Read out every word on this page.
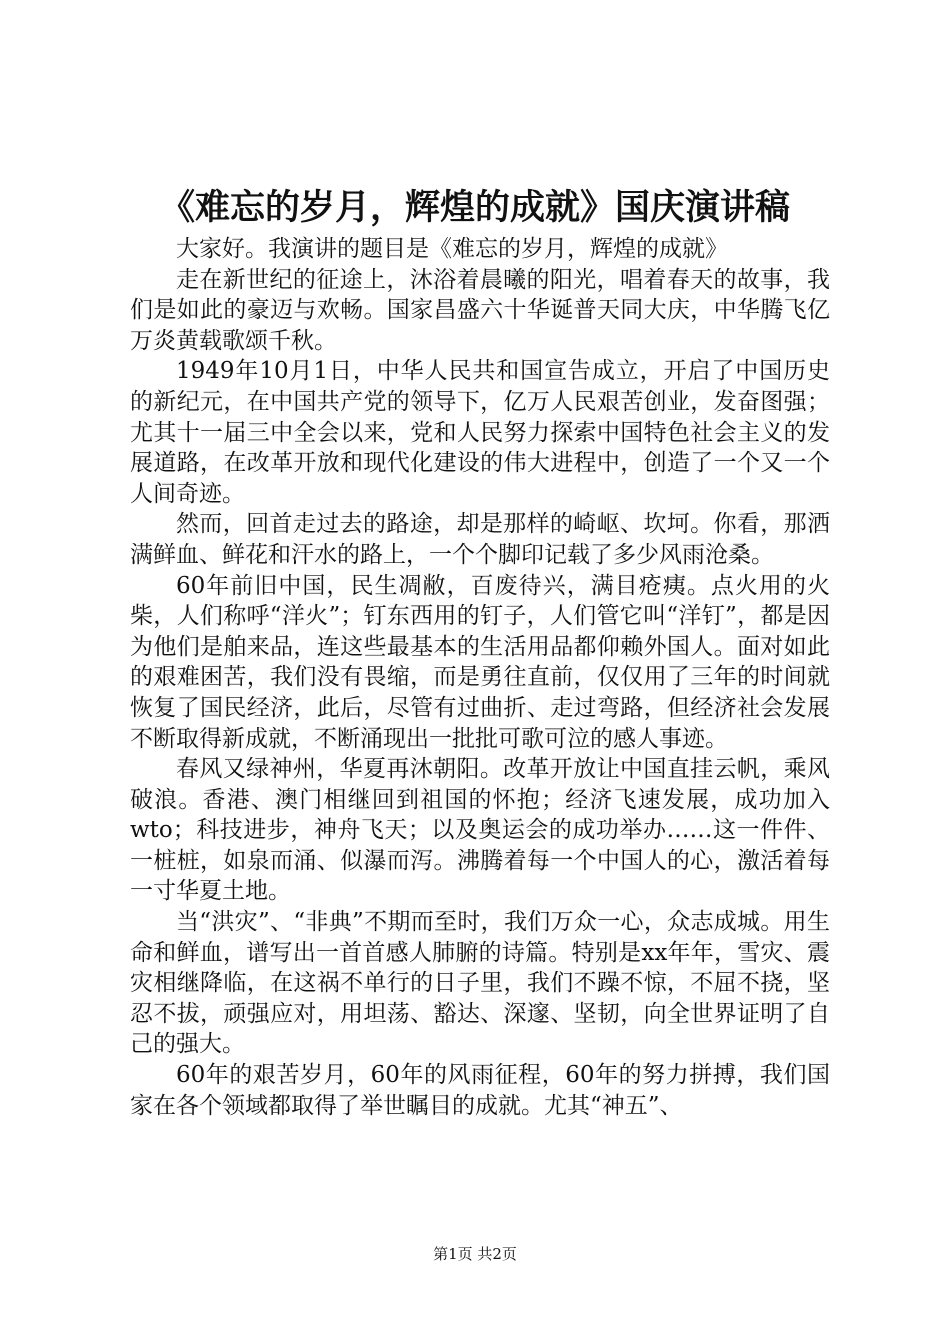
《难忘的岁月，辉煌的成就》国庆演讲稿

大家好。我演讲的题目是《难忘的岁月，辉煌的成就》

走在新世纪的征途上，沐浴着晨曦的阳光，唱着春天的故事，我们是如此的豪迈与欢畅。国家昌盛六十华诞普天同大庆，中华腾飞亿万炎黄载歌颂千秋。

1949年10月1日，中华人民共和国宣告成立，开启了中国历史的新纪元，在中国共产党的领导下，亿万人民艰苦创业，发奋图强；尤其十一届三中全会以来，党和人民努力探索中国特色社会主义的发展道路，在改革开放和现代化建设的伟大进程中，创造了一个又一个人间奇迹。

然而，回首走过去的路途，却是那样的崎岖、坎坷。你看，那洒满鲜血、鲜花和汗水的路上，一个个脚印记载了多少风雨沧桑。

60年前旧中国，民生凋敝，百废待兴，满目疮痍。点火用的火柴，人们称呼“洋火”；钉东西用的钉子，人们管它叫“洋钉”，都是因为他们是舶来品，连这些最基本的生活用品都仰赖外国人。面对如此的艰难困苦，我们没有畏缩，而是勇往直前，仅仅用了三年的时间就恢复了国民经济，此后，尽管有过曲折、走过弯路，但经济社会发展不断取得新成就，不断涌现出一批批可歌可泣的感人事迹。

春风又绿神州，华夏再沐朝阳。改革开放让中国直挂云帆，乘风破浪。香港、澳门相继回到祖国的怀抱；经济飞速发展，成功加入wto；科技进步，神舟飞天；以及奥运会的成功举办……这一件件、一桩桩，如泉而涌、似瀑而泻。沸腾着每一个中国人的心，激活着每一寸华夏土地。

当“洪灾”、“非典”不期而至时，我们万众一心，众志成城。用生命和鲜血，谱写出一首首感人肺腑的诗篇。特别是xx年年，雪灾、震灾相继降临，在这祸不单行的日子里，我们不躁不惊，不屈不挠，坚忍不拔，顽强应对，用坦荡、豁达、深邃、坚韧，向全世界证明了自己的强大。

60年的艰苦岁月，60年的风雨征程，60年的努力拼搏，我们国家在各个领域都取得了举世瞩目的成就。尤其“神五”、

第1页 共2页
